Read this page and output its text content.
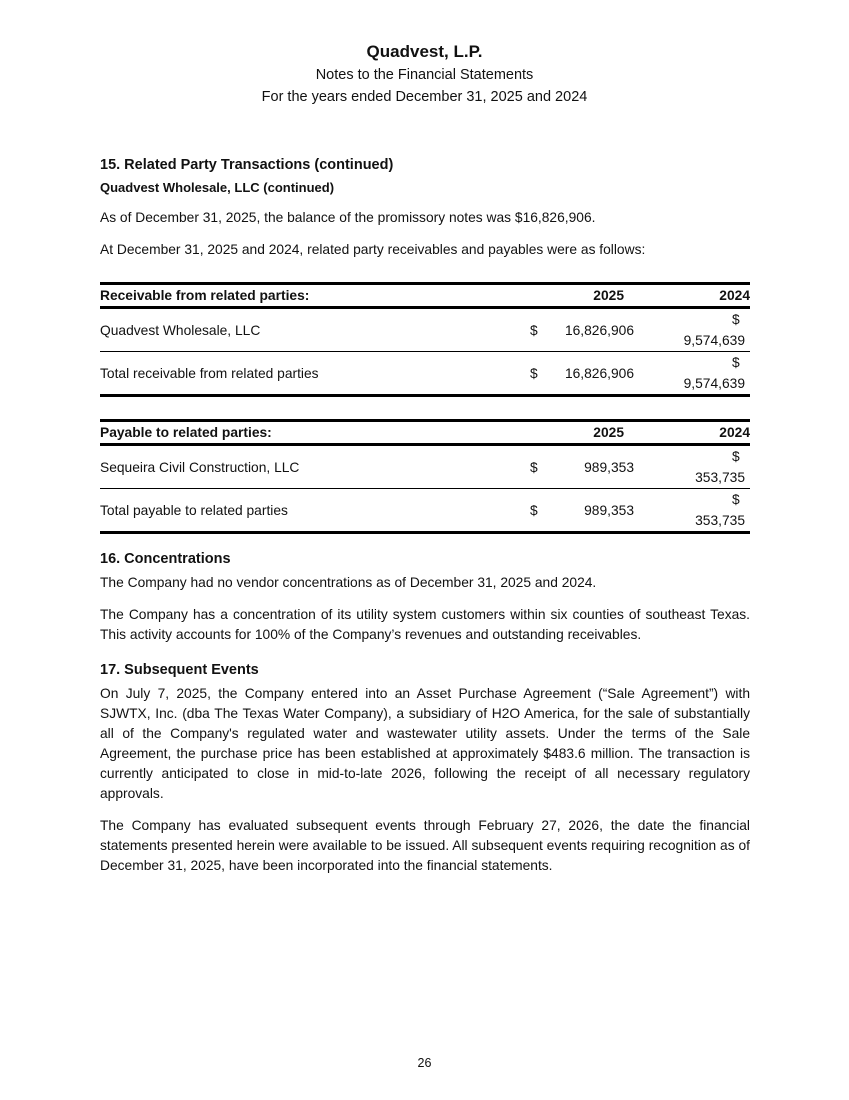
Quadvest, L.P.
Notes to the Financial Statements
For the years ended December 31, 2025 and 2024
15. Related Party Transactions (continued)
Quadvest Wholesale, LLC (continued)

As of December 31, 2025, the balance of the promissory notes was $16,826,906.

At December 31, 2025 and 2024, related party receivables and payables were as follows:

Receivable from related parties:	2025	2024
Quadvest Wholesale, LLC	$ 16,826,906	$9,574,639
Total receivable from related parties	$ 16,826,906	$9,574,639
Payable to related parties:	2025	2024
Sequeira Civil Construction, LLC	$ 989,353	$353,735
Total payable to related parties	$ 989,353	$353,735
16. Concentrations

The Company had no vendor concentrations as of December 31, 2025 and 2024.

The Company has a concentration of its utility system customers within six counties of southeast Texas. This activity accounts for 100% of the Company’s revenues and outstanding receivables.

17. Subsequent Events

On July 7, 2025, the Company entered into an Asset Purchase Agreement (“Sale Agreement”) with SJWTX, Inc. (dba The Texas Water Company), a subsidiary of H2O America, for the sale of substantially all of the Company's regulated water and wastewater utility assets. Under the terms of the Sale Agreement, the purchase price has been established at approximately $483.6 million. The transaction is currently anticipated to close in mid-to-late 2026, following the receipt of all necessary regulatory approvals.

The Company has evaluated subsequent events through February 27, 2026, the date the financial statements presented herein were available to be issued. All subsequent events requiring recognition as of December 31, 2025, have been incorporated into the financial statements.

26
